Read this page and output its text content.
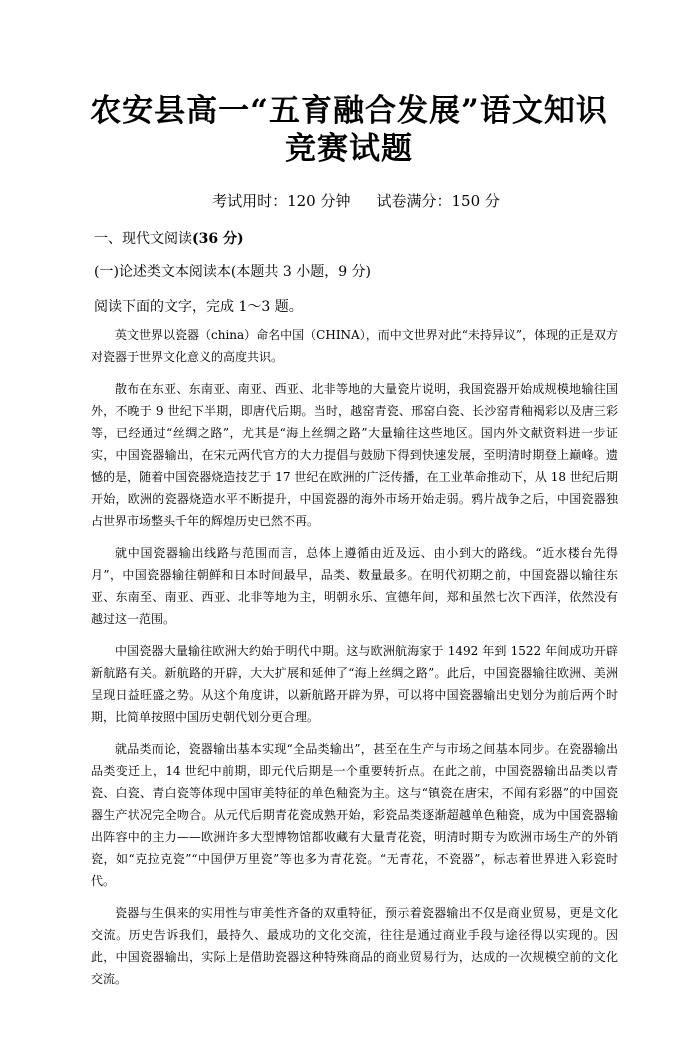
农安县高一“五育融合发展”语文知识竞赛试题
考试用时：120 分钟 试卷满分：150 分

一、现代文阅读(36 分)

(一)论述类文本阅读本(本题共 3 小题，9 分)

阅读下面的文字，完成 1～3 题。

英文世界以瓷器（china）命名中国（CHINA），而中文世界对此“未持异议”，体现的正是双方对瓷器于世界文化意义的高度共识。

散布在东亚、东南亚、南亚、西亚、北非等地的大量瓷片说明，我国瓷器开始成规模地输往国外，不晚于 9 世纪下半期，即唐代后期。当时，越窑青瓷、邢窑白瓷、长沙窑青釉褐彩以及唐三彩等，已经通过“丝绸之路”，尤其是“海上丝绸之路”大量输往这些地区。国内外文献资料进一步证实，中国瓷器输出，在宋元两代官方的大力提倡与鼓励下得到快速发展，至明清时期登上巅峰。遗憾的是，随着中国瓷器烧造技艺于 17 世纪在欧洲的广泛传播，在工业革命推动下，从 18 世纪后期开始，欧洲的瓷器烧造水平不断提升，中国瓷器的海外市场开始走弱。鸦片战争之后，中国瓷器独占世界市场整头千年的辉煌历史已然不再。

就中国瓷器输出线路与范围而言，总体上遵循由近及远、由小到大的路线。“近水楼台先得月”，中国瓷器输往朝鲜和日本时间最早，品类、数量最多。在明代初期之前，中国瓷器以输往东亚、东南至、南亚、西亚、北非等地为主，明朝永乐、宣德年间，郑和虽然七次下西洋，依然没有越过这一范围。

中国瓷器大量输往欧洲大约始于明代中期。这与欧洲航海家于 1492 年到 1522 年间成功开辟新航路有关。新航路的开辟，大大扩展和延伸了“海上丝绸之路”。此后，中国瓷器输往欧洲、美洲呈现日益旺盛之势。从这个角度讲，以新航路开辟为界，可以将中国瓷器输出史划分为前后两个时期，比简单按照中国历史朝代划分更合理。

就品类而论，瓷器输出基本实现“全品类输出”，甚至在生产与市场之间基本同步。在瓷器输出品类变迁上，14 世纪中前期，即元代后期是一个重要转折点。在此之前，中国瓷器输出品类以青瓷、白瓷、青白瓷等体现中国审美特征的单色釉瓷为主。这与“镇瓷在唐宋，不闻有彩器”的中国瓷器生产状况完全吻合。从元代后期青花瓷成熟开始，彩瓷品类逐渐超越单色釉瓷，成为中国瓷器输出阵容中的主力——欧洲许多大型博物馆都收藏有大量青花瓷，明清时期专为欧洲市场生产的外销瓷，如“克拉克瓷”“中国伊万里瓷”等也多为青花瓷。“无青花，不瓷器”，标志着世界进入彩瓷时代。

瓷器与生俱来的实用性与审美性齐备的双重特征，预示着瓷器输出不仅是商业贸易，更是文化交流。历史告诉我们，最持久、最成功的文化交流，往往是通过商业手段与途径得以实现的。因此，中国瓷器输出，实际上是借助瓷器这种特殊商品的商业贸易行为，达成的一次规模空前的文化交流。
